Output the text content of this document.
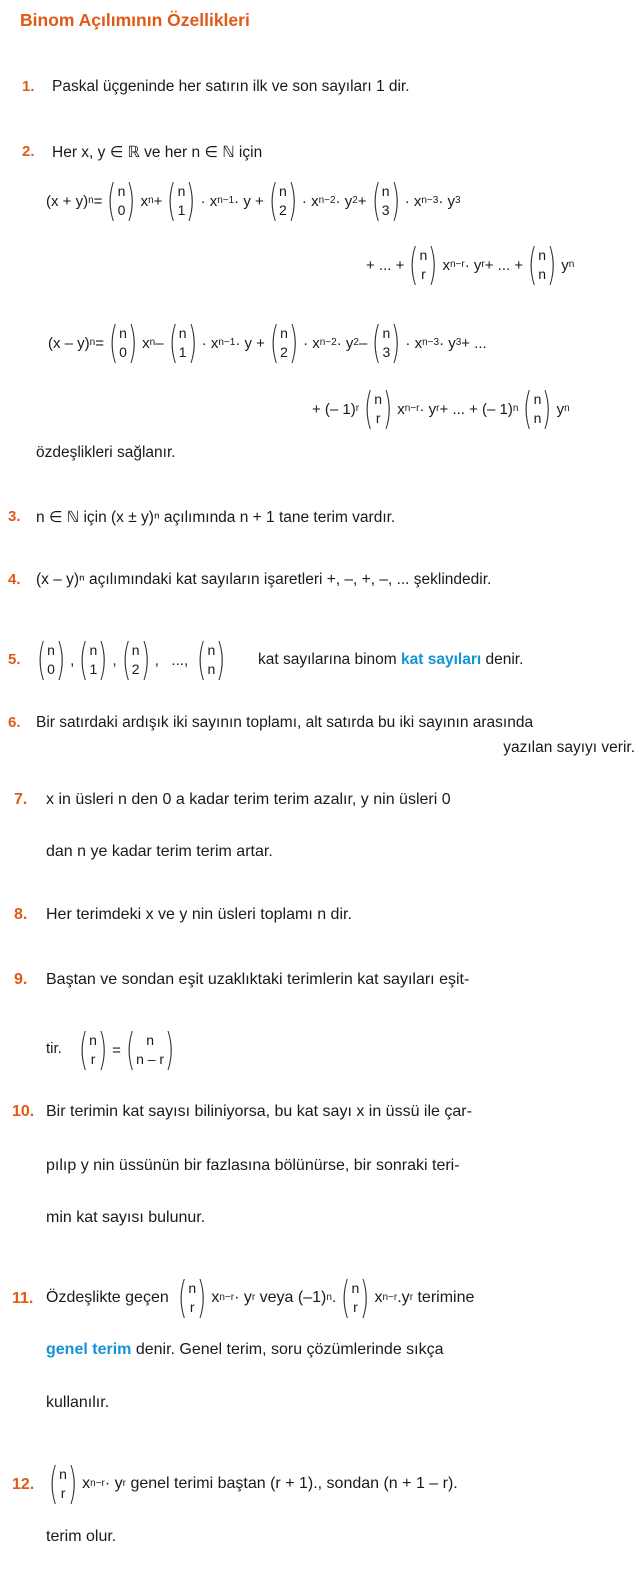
Binom Açılımının Özellikleri
1. Paskal üçgeninde her satırın ilk ve son sayıları 1 dir.
2. Her x, y ∈ ℝ ve her n ∈ ℕ için
(x + y) n = ( n
0 ) x n + ( n
1 ) · x n−1 · y + ( n
2 ) · x n−2 · y 2 + ( n
3 ) · x n−3 · y 3
+ ... + ( n
r ) x n−r · y r + ... + ( n
n ) y n
(x – y) n = ( n
0 ) x n – ( n
1 ) · x n−1 · y + ( n
2 ) · x n−2 · y 2 – ( n
3 ) · x n−3 · y 3 + ...
+ (– 1) r ( n
r ) x n−r · y r + ... + (– 1) n ( n
n ) y n
özdeşlikleri sağlanır.
3. n ∈ ℕ için (x ± y)ⁿ açılımında n + 1 tane terim vardır.
4. (x – y)ⁿ açılımındaki kat sayıların işaretleri +, –, +, –, ... şeklindedir.
5. ( n
0 ) , ( n
1 ) , ( n
2 ) ,   ..., ( n
n ) kat sayılarına binom kat sayıları denir.
6. Bir satırdaki ardışık iki sayının toplamı, alt satırda bu iki sayının arasında
yazılan sayıyı verir.
7. x in üsleri n den 0 a kadar terim terim azalır, y nin üsleri 0
dan n ye kadar terim terim artar.
8. Her terimdeki x ve y nin üsleri toplamı n dir.
9. Baştan ve sondan eşit uzaklıktaki terimlerin kat sayıları eşit-
tir. ( n
r ) = ( n
n – r )
10. Bir terimin kat sayısı biliniyorsa, bu kat sayı x in üssü ile çar-
pılıp y nin üssünün bir fazlasına bölünürse, bir sonraki teri-
min kat sayısı bulunur.
11. Özdeşlikte geçen
( n
r ) x n−r · y r
veya (–1) n . ( n
r ) x n−r .y r
terimine
genel terim denir. Genel terim, soru çözümlerinde sıkça
kullanılır.
12. ( n
r ) x n−r · y r
genel terimi baştan (r + 1)., sondan (n + 1 – r).
terim olur.
